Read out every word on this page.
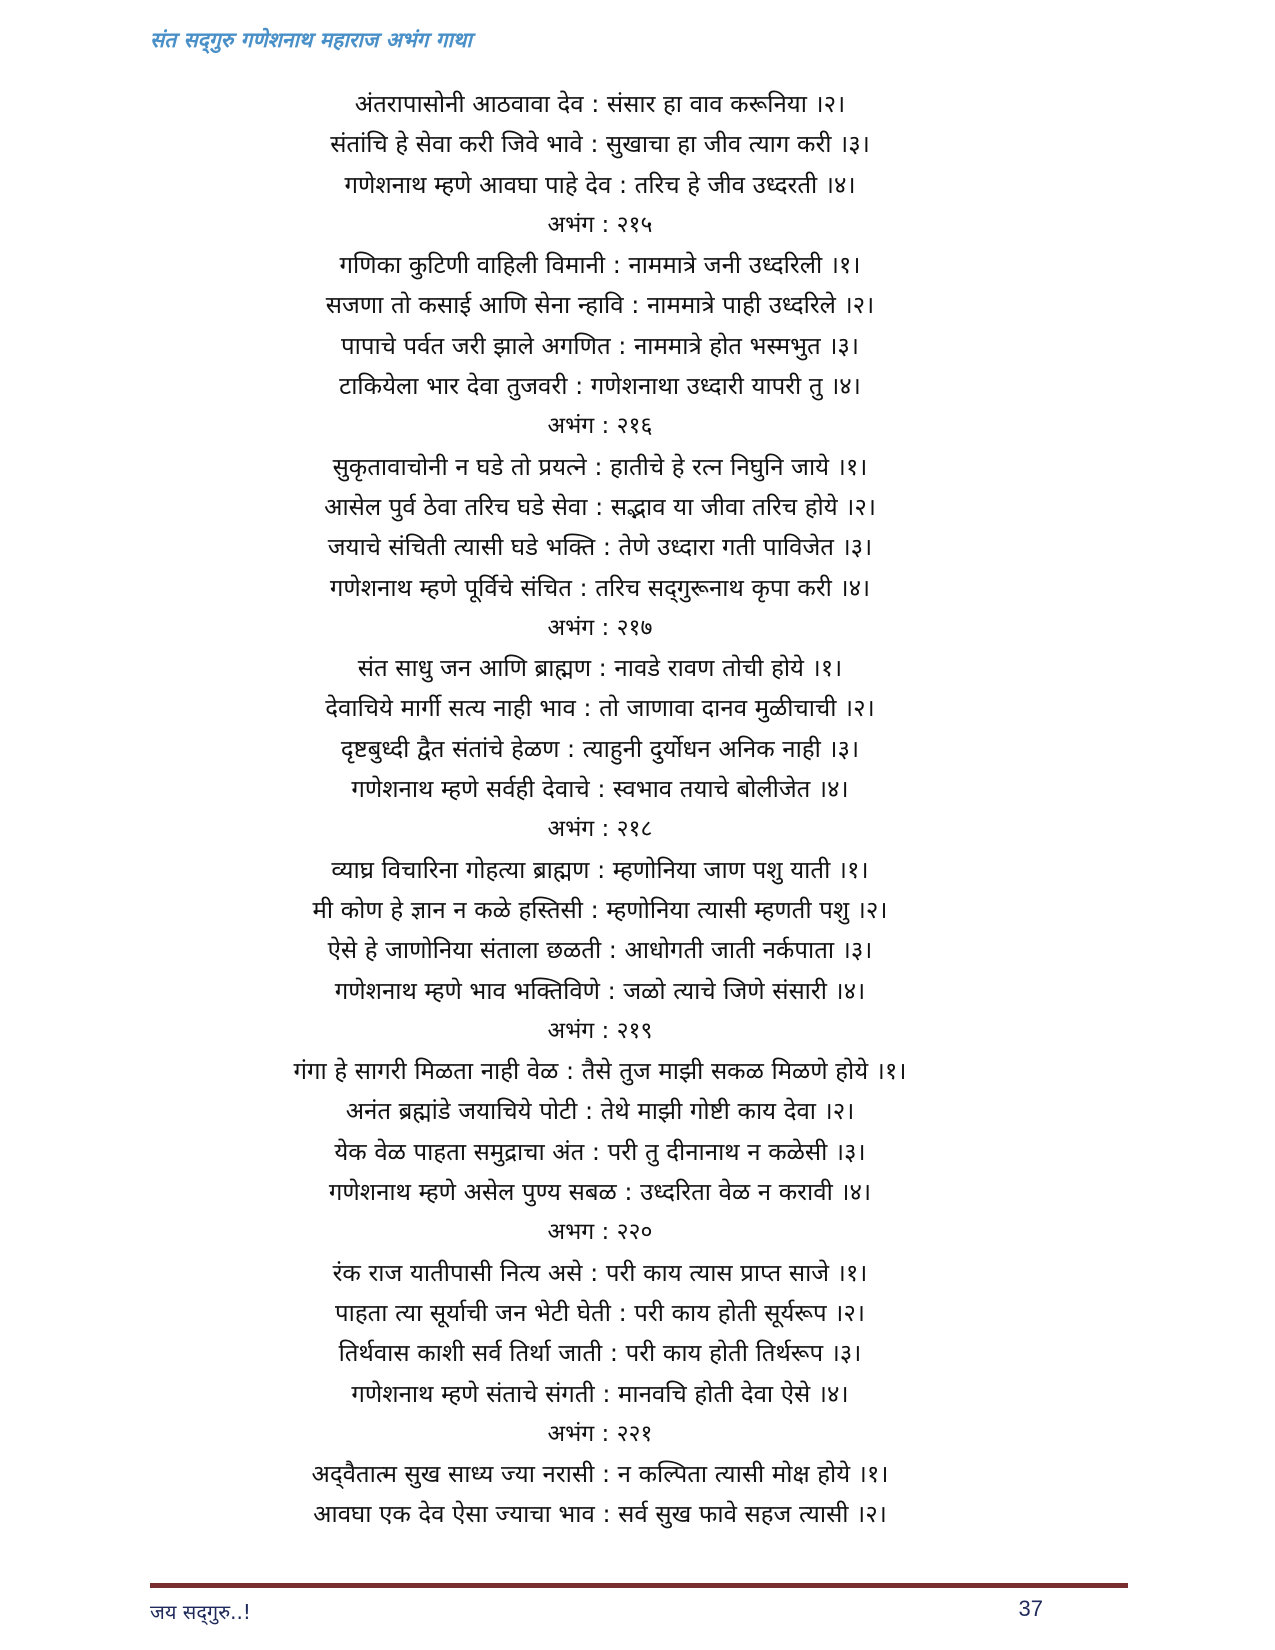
संत सद्‌गुरु गणेशनाथ महाराज अभंग गाथा
अंतरापासोनी आठवावा देव : संसार हा वाव करूनिया ।२।
संतांचि हे सेवा करी जिवे भावे : सुखाचा हा जीव त्याग करी ।३।
गणेशनाथ म्हणे आवघा पाहे देव : तरिच हे जीव उध्दरती ।४।
अभंग : २१५
गणिका कुटिणी वाहिली विमानी : नाममात्रे जनी उध्दरिली ।१।
सजणा तो कसाई आणि सेना न्हावि : नाममात्रे पाही उध्दरिले ।२।
पापाचे पर्वत जरी झाले अगणित : नाममात्रे होत भस्मभुत ।३।
टाकियेला भार देवा तुजवरी : गणेशनाथा उध्दारी यापरी तु ।४।
अभंग : २१६
सुकृतावाचोनी न घडे तो प्रयत्ने : हातीचे हे रत्न निघुनि जाये ।१।
आसेल पुर्व ठेवा तरिच घडे सेवा : सद्भाव या जीवा तरिच होये ।२।
जयाचे संचिती त्यासी घडे भक्ति : तेणे उध्दारा गती पाविजेत ।३।
गणेशनाथ म्हणे पूर्विचे संचित : तरिच सद्‌गुरूनाथ कृपा करी ।४।
अभंग : २१७
संत साधु जन आणि ब्राह्मण : नावडे रावण तोची होये ।१।
देवाचिये मार्गी सत्य नाही भाव : तो जाणावा दानव मुळीचाची ।२।
दृष्टबुध्दी द्वैत संतांचे हेळण : त्याहुनी दुर्योधन अनिक नाही ।३।
गणेशनाथ म्हणे सर्वही देवाचे : स्वभाव तयाचे बोलीजेत ।४।
अभंग : २१८
व्याघ्र विचारिना गोहत्या ब्राह्मण : म्हणोनिया जाण पशु याती ।१।
मी कोण हे ज्ञान न कळे हस्तिसी : म्हणोनिया त्यासी म्हणती पशु ।२।
ऐसे हे जाणोनिया संताला छळती : आधोगती जाती नर्कपाता ।३।
गणेशनाथ म्हणे भाव भक्तिविणे : जळो त्याचे जिणे संसारी ।४।
अभंग : २१९
गंगा हे सागरी मिळता नाही वेळ : तैसे तुज माझी सकळ मिळणे होये ।१।
अनंत ब्रह्मांडे जयाचिये पोटी : तेथे माझी गोष्टी काय देवा ।२।
येक वेळ पाहता समुद्राचा अंत : परी तु दीनानाथ न कळेसी ।३।
गणेशनाथ म्हणे असेल पुण्य सबळ : उध्दरिता वेळ न करावी ।४।
अभग : २२०
रंक राज यातीपासी नित्य असे : परी काय त्यास प्राप्त साजे ।१।
पाहता त्या सूर्याची जन भेटी घेती : परी काय होती सूर्यरूप ।२।
तिर्थवास काशी सर्व तिर्था जाती : परी काय होती तिर्थरूप ।३।
गणेशनाथ म्हणे संताचे संगती : मानवचि होती देवा ऐसे ।४।
अभंग : २२१
अद्‌वैतात्म सुख साध्य ज्या नरासी : न कल्पिता त्यासी मोक्ष होये ।१।
आवघा एक देव ऐसा ज्याचा भाव : सर्व सुख फावे सहज त्यासी ।२।
जय सद्‌गुरु..!	37
